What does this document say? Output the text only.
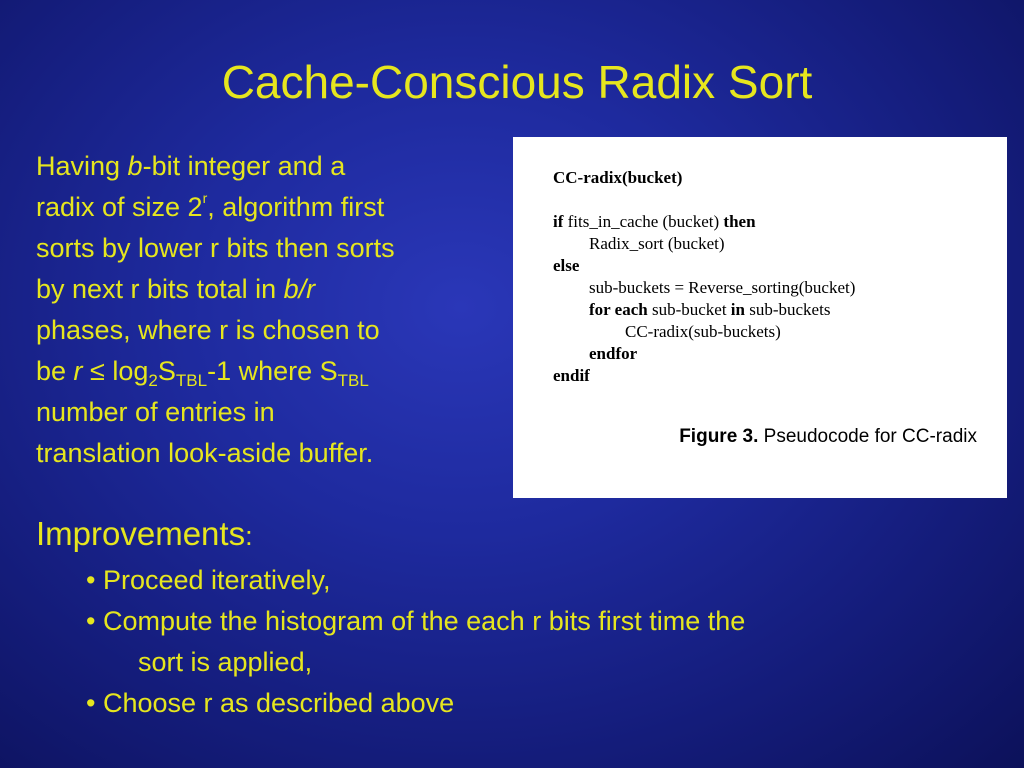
Cache-Conscious Radix Sort
Having b-bit integer and a
radix of size 2$^r$, algorithm first
sorts by lower r bits then sorts
by next r bits total in b/r
phases, where r is chosen to
be $r \le \log_2S_{TBL}-1$ where $S_{TBL}$
number of entries in
translation look-aside buffer.
CC-radix(bucket)
if fits_in_cache (bucket) then
Radix_sort (bucket)
else
sub-buckets = Reverse_sorting(bucket)
for each sub-bucket in sub-buckets
CC-radix(sub-buckets)
endfor
endif
Figure 3. Pseudocode for CC-radix
Improvements:
• Proceed iteratively,
• Compute the histogram of the each r bits first time the
sort is applied,
• Choose r as described above
